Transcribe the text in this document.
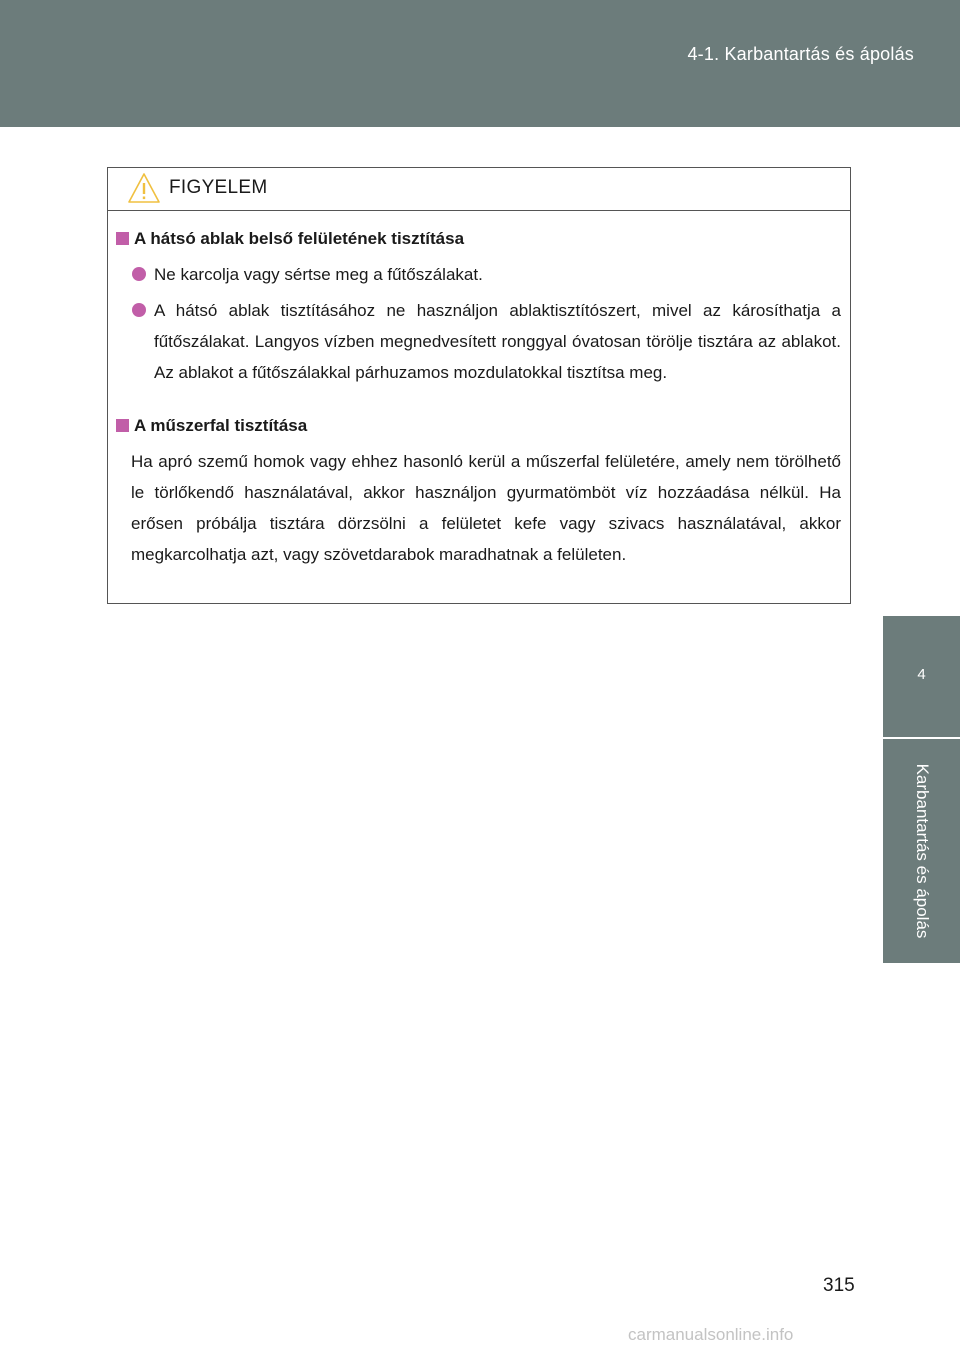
4-1. Karbantartás és ápolás
4
Karbantartás és ápolás
FIGYELEM
A hátsó ablak belső felületének tisztítása
Ne karcolja vagy sértse meg a fűtőszálakat.
A hátsó ablak tisztításához ne használjon ablaktisztítószert, mivel az károsíthatja a fűtőszálakat. Langyos vízben megnedvesített ronggyal óvatosan törölje tisztára az ablakot. Az ablakot a fűtőszálakkal párhuzamos mozdulatokkal tisztítsa meg.
A műszerfal tisztítása
Ha apró szemű homok vagy ehhez hasonló kerül a műszerfal felületére, amely nem törölhető le törlőkendő használatával, akkor használjon gyurmatömböt víz hozzáadása nélkül. Ha erősen próbálja tisztára dörzsölni a felületet kefe vagy szivacs használatával, akkor megkarcolhatja azt, vagy szövetdarabok maradhatnak a felületen.
315
carmanualsonline.info
